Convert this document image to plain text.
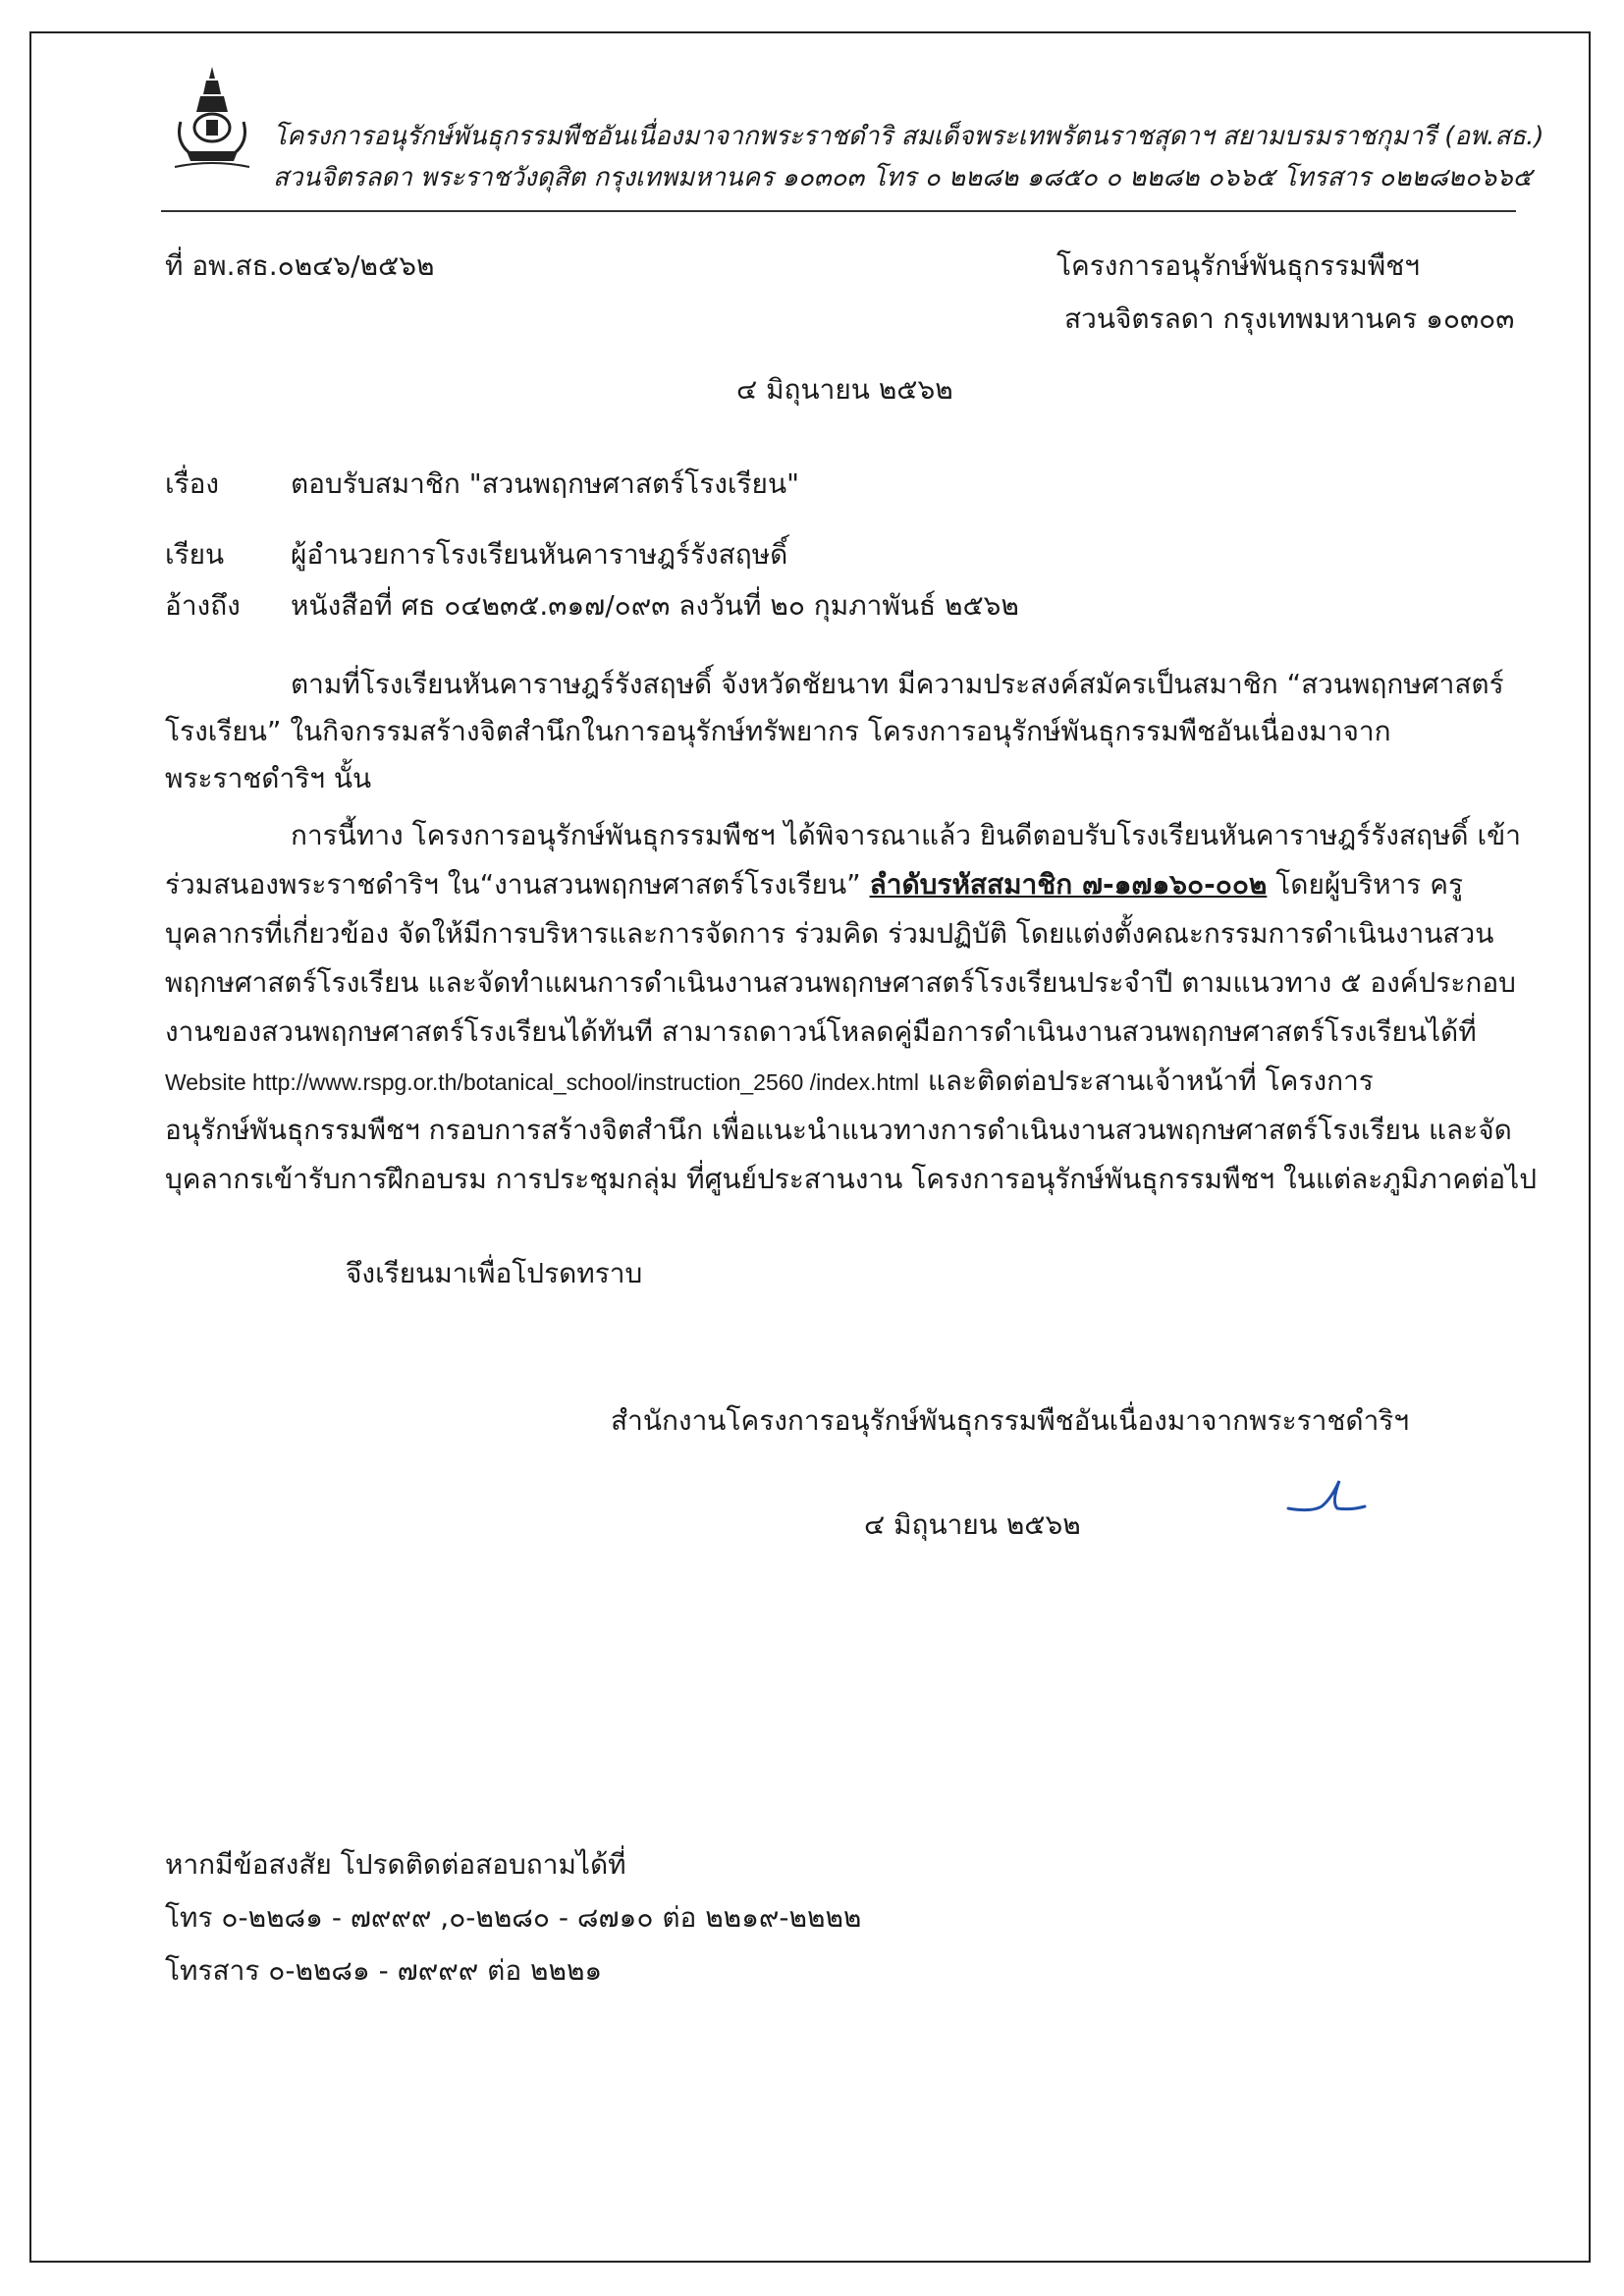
โครงการอนุรักษ์พันธุกรรมพืชอันเนื่องมาจากพระราชดำริ สมเด็จพระเทพรัตนราชสุดาฯ สยามบรมราชกุมารี (อพ.สธ.)
สวนจิตรลดา พระราชวังดุสิต กรุงเทพมหานคร ๑๐๓๐๓ โทร ๐ ๒๒๘๒ ๑๘๕๐ ๐ ๒๒๘๒ ๐๖๖๕ โทรสาร ๐๒๒๘๒๐๖๖๕
ที่ อพ.สธ.๐๒๔๖/๒๕๖๒	โครงการอนุรักษ์พันธุกรรมพืชฯ
สวนจิตรลดา กรุงเทพมหานคร ๑๐๓๐๓
๔ มิถุนายน ๒๕๖๒
เรื่อง	ตอบรับสมาชิก "สวนพฤกษศาสตร์โรงเรียน"
เรียน ผู้อำนวยการโรงเรียนหันคาราษฎร์รังสฤษดิ์
อ้างถึง หนังสือที่ ศธ ๐๔๒๓๕.๓๑๗/๐๙๓ ลงวันที่ ๒๐ กุมภาพันธ์ ๒๕๖๒
ตามที่โรงเรียนหันคาราษฎร์รังสฤษดิ์ จังหวัดชัยนาท มีความประสงค์สมัครเป็นสมาชิก “สวนพฤกษศาสตร์
โรงเรียน” ในกิจกรรมสร้างจิตสำนึกในการอนุรักษ์ทรัพยากร โครงการอนุรักษ์พันธุกรรมพืชอันเนื่องมาจาก
พระราชดำริฯ นั้น
การนี้ทาง โครงการอนุรักษ์พันธุกรรมพืชฯ ได้พิจารณาแล้ว ยินดีตอบรับโรงเรียนหันคาราษฎร์รังสฤษดิ์ เข้า
ร่วมสนองพระราชดำริฯ ใน“งานสวนพฤกษศาสตร์โรงเรียน” ลำดับรหัสสมาชิก ๗-๑๗๑๖๐-๐๐๒ โดยผู้บริหาร ครู
บุคลากรที่เกี่ยวข้อง จัดให้มีการบริหารและการจัดการ ร่วมคิด ร่วมปฏิบัติ โดยแต่งตั้งคณะกรรมการดำเนินงานสวน
พฤกษศาสตร์โรงเรียน และจัดทำแผนการดำเนินงานสวนพฤกษศาสตร์โรงเรียนประจำปี ตามแนวทาง ๕ องค์ประกอบ
งานของสวนพฤกษศาสตร์โรงเรียนได้ทันที สามารถดาวน์โหลดคู่มือการดำเนินงานสวนพฤกษศาสตร์โรงเรียนได้ที่
Website http://www.rspg.or.th/botanical_school/instruction_2560 /index.html และติดต่อประสานเจ้าหน้าที่ โครงการ
อนุรักษ์พันธุกรรมพืชฯ กรอบการสร้างจิตสำนึก เพื่อแนะนำแนวทางการดำเนินงานสวนพฤกษศาสตร์โรงเรียน และจัด
บุคลากรเข้ารับการฝึกอบรม การประชุมกลุ่ม ที่ศูนย์ประสานงาน โครงการอนุรักษ์พันธุกรรมพืชฯ ในแต่ละภูมิภาคต่อไป
จึงเรียนมาเพื่อโปรดทราบ
สำนักงานโครงการอนุรักษ์พันธุกรรมพืชอันเนื่องมาจากพระราชดำริฯ
๔ มิถุนายน ๒๕๖๒
หากมีข้อสงสัย โปรดติดต่อสอบถามได้ที่
โทร ๐-๒๒๘๑ - ๗๙๙๙ ,๐-๒๒๘๐ - ๘๗๑๐ ต่อ ๒๒๑๙-๒๒๒๒
โทรสาร ๐-๒๒๘๑ - ๗๙๙๙ ต่อ ๒๒๒๑
